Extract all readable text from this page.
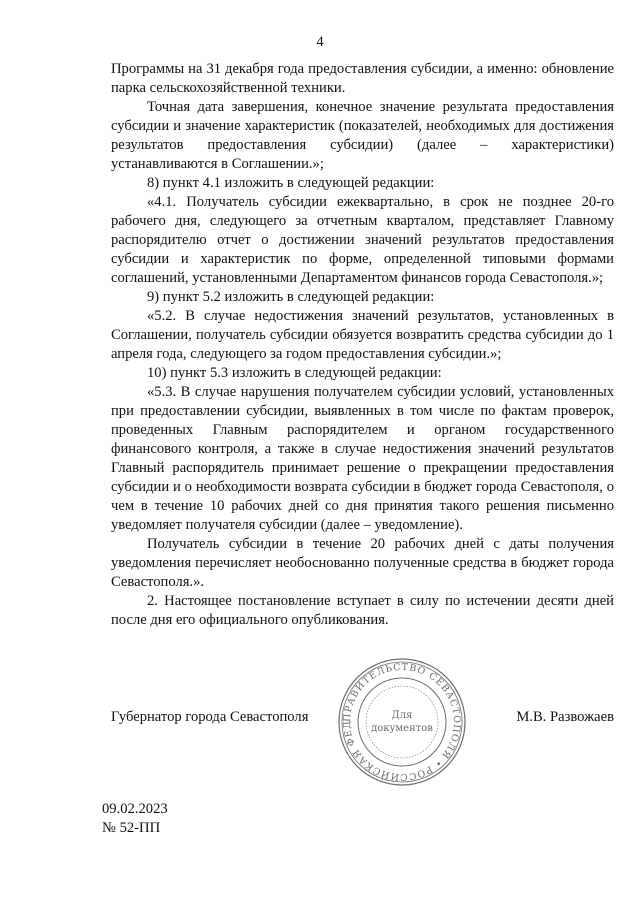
4

Программы на 31 декабря года предоставления субсидии, а именно: обновление парка сельскохозяйственной техники.

Точная дата завершения, конечное значение результата предоставления субсидии и значение характеристик (показателей, необходимых для достижения результатов предоставления субсидии) (далее – характеристики) устанавливаются в Соглашении.»;

8) пункт 4.1 изложить в следующей редакции:

«4.1. Получатель субсидии ежеквартально, в срок не позднее 20-го рабочего дня, следующего за отчетным кварталом, представляет Главному распорядителю отчет о достижении значений результатов предоставления субсидии и характеристик по форме, определенной типовыми формами соглашений, установленными Департаментом финансов города Севастополя.»;

9) пункт 5.2 изложить в следующей редакции:

«5.2. В случае недостижения значений результатов, установленных в Соглашении, получатель субсидии обязуется возвратить средства субсидии до 1 апреля года, следующего за годом предоставления субсидии.»;

10) пункт 5.3 изложить в следующей редакции:

«5.3. В случае нарушения получателем субсидии условий, установленных при предоставлении субсидии, выявленных в том числе по фактам проверок, проведенных Главным распорядителем и органом государственного финансового контроля, а также в случае недостижения значений результатов Главный распорядитель принимает решение о прекращении предоставления субсидии и о необходимости возврата субсидии в бюджет города Севастополя, о чем в течение 10 рабочих дней со дня принятия такого решения письменно уведомляет получателя субсидии (далее – уведомление).

Получатель субсидии в течение 20 рабочих дней с даты получения уведомления перечисляет необоснованно полученные средства в бюджет города Севастополя.».

2. Настоящее постановление вступает в силу по истечении десяти дней после дня его официального опубликования.

Губернатор города Севастополя	М.В. Развожаев
ПРАВИТЕЛЬСТВО СЕВАСТОПОЛЯ • РОССИЙСКАЯ ФЕД
Для
документов
09.02.2023
№ 52-ПП
